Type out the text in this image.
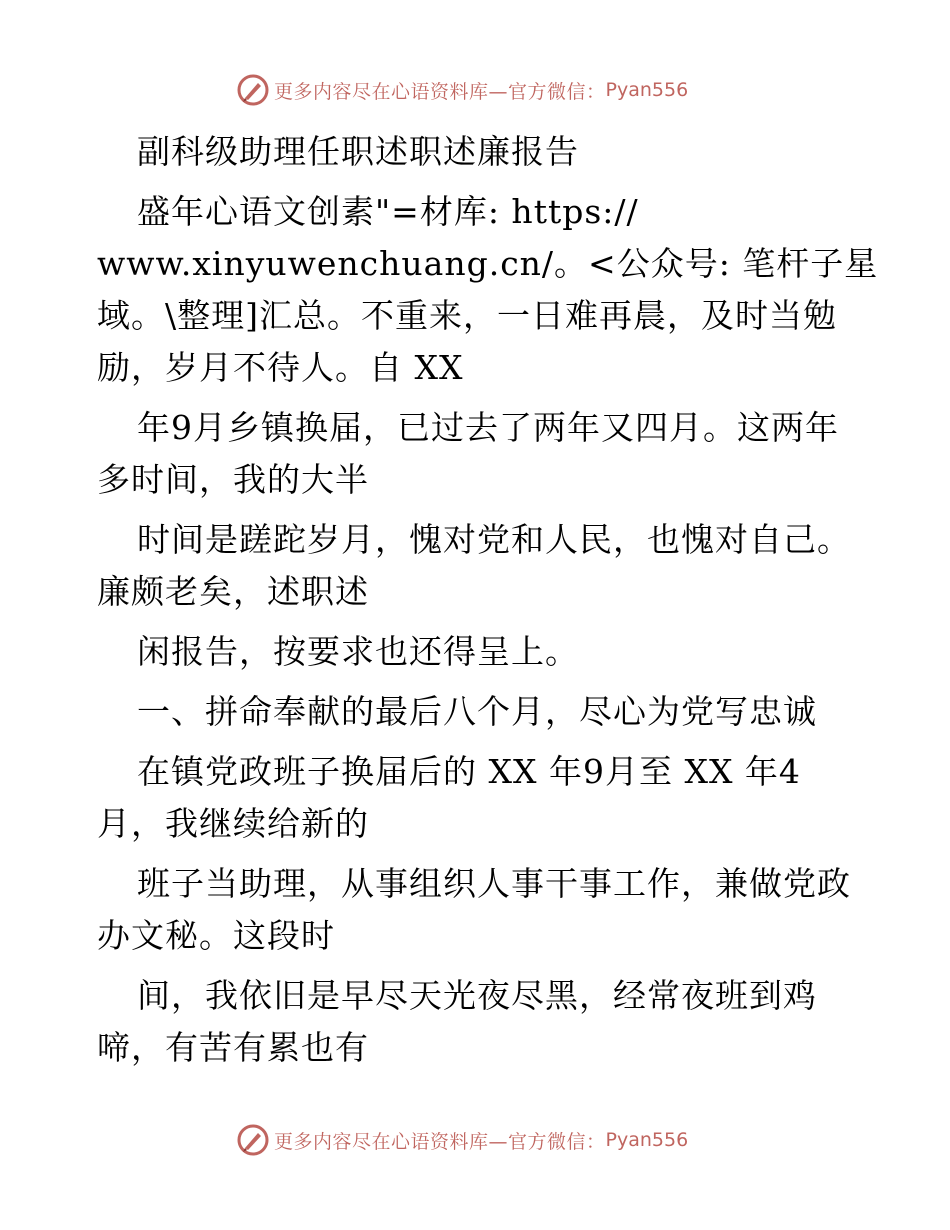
更多内容尽在心语资料库—官方微信： Pyan556
副科级助理任职述职述廉报告
盛年心语文创素"=材库: https://
www.xinyuwenchuang.cn/。<公众号: 笔杆子星
域。\整理]汇总。不重来，一日难再晨，及时当勉
励，岁月不待人。自 XX
年9月乡镇换届，已过去了两年又四月。这两年
多时间，我的大半
时间是蹉跎岁月，愧对党和人民，也愧对自己。
廉颇老矣，述职述
闲报告，按要求也还得呈上。
一、拼命奉献的最后八个月，尽心为党写忠诚
在镇党政班子换届后的 XX 年9月至 XX 年4
月，我继续给新的
班子当助理，从事组织人事干事工作，兼做党政
办文秘。这段时
间，我依旧是早尽天光夜尽黑，经常夜班到鸡
啼，有苦有累也有
更多内容尽在心语资料库—官方微信： Pyan556
